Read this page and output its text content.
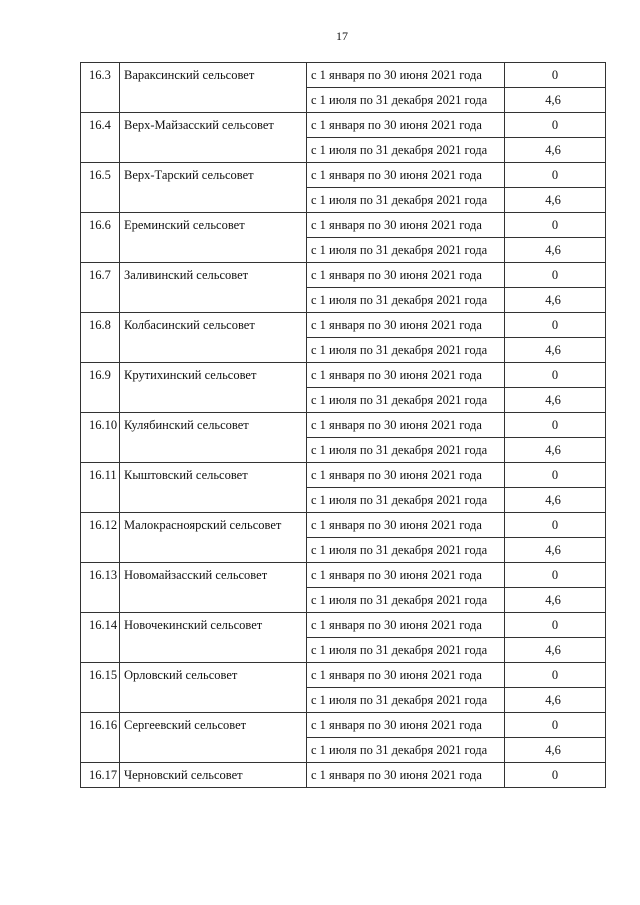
17
16.3	Вараксинский сельсовет	с 1 января по 30 июня 2021 года	0
		с 1 июля по 31 декабря 2021 года	4,6
16.4	Верх-Майзасский сельсовет	с 1 января по 30 июня 2021 года	0
		с 1 июля по 31 декабря 2021 года	4,6
16.5	Верх-Тарский сельсовет	с 1 января по 30 июня 2021 года	0
		с 1 июля по 31 декабря 2021 года	4,6
16.6	Ереминский сельсовет	с 1 января по 30 июня 2021 года	0
		с 1 июля по 31 декабря 2021 года	4,6
16.7	Заливинский сельсовет	с 1 января по 30 июня 2021 года	0
		с 1 июля по 31 декабря 2021 года	4,6
16.8	Колбасинский сельсовет	с 1 января по 30 июня 2021 года	0
		с 1 июля по 31 декабря 2021 года	4,6
16.9	Крутихинский сельсовет	с 1 января по 30 июня 2021 года	0
		с 1 июля по 31 декабря 2021 года	4,6
16.10	Кулябинский сельсовет	с 1 января по 30 июня 2021 года	0
		с 1 июля по 31 декабря 2021 года	4,6
16.11	Кыштовский сельсовет	с 1 января по 30 июня 2021 года	0
		с 1 июля по 31 декабря 2021 года	4,6
16.12	Малокрасноярский сельсовет	с 1 января по 30 июня 2021 года	0
		с 1 июля по 31 декабря 2021 года	4,6
16.13	Новомайзасский сельсовет	с 1 января по 30 июня 2021 года	0
		с 1 июля по 31 декабря 2021 года	4,6
16.14	Новочекинский сельсовет	с 1 января по 30 июня 2021 года	0
		с 1 июля по 31 декабря 2021 года	4,6
16.15	Орловский сельсовет	с 1 января по 30 июня 2021 года	0
		с 1 июля по 31 декабря 2021 года	4,6
16.16	Сергеевский сельсовет	с 1 января по 30 июня 2021 года	0
		с 1 июля по 31 декабря 2021 года	4,6
16.17	Черновский сельсовет	с 1 января по 30 июня 2021 года	0
